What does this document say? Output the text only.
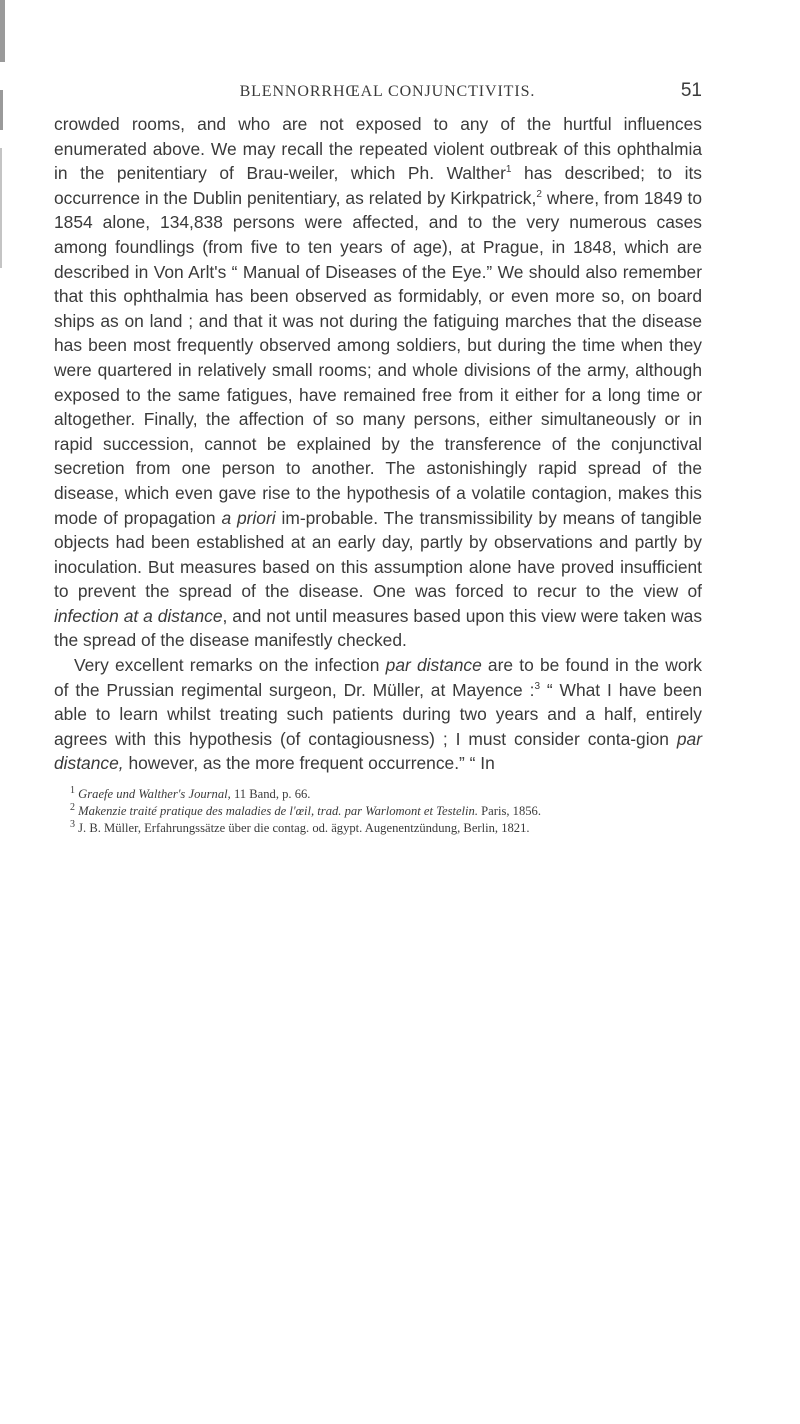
BLENNORRHŒAL CONJUNCTIVITIS.	51

crowded rooms, and who are not exposed to any of the hurtful influences enumerated above. We may recall the repeated violent outbreak of this ophthalmia in the penitentiary of Brau-weiler, which Ph. Walther$^1$ has described; to its occurrence in the Dublin penitentiary, as related by Kirkpatrick,$^2$ where, from 1849 to 1854 alone, 134,838 persons were affected, and to the very numerous cases among foundlings (from five to ten years of age), at Prague, in 1848, which are described in Von Arlt's “ Manual of Diseases of the Eye.” We should also remember that this ophthalmia has been observed as formidably, or even more so, on board ships as on land ; and that it was not during the fatiguing marches that the disease has been most frequently observed among soldiers, but during the time when they were quartered in relatively small rooms; and whole divisions of the army, although exposed to the same fatigues, have remained free from it either for a long time or altogether. Finally, the affection of so many persons, either simultaneously or in rapid succession, cannot be explained by the transference of the conjunctival secretion from one person to another. The astonishingly rapid spread of the disease, which even gave rise to the hypothesis of a volatile contagion, makes this mode of propagation a priori im-probable. The transmissibility by means of tangible objects had been established at an early day, partly by observations and partly by inoculation. But measures based on this assumption alone have proved insufficient to prevent the spread of the disease. One was forced to recur to the view of infection at a distance, and not until measures based upon this view were taken was the spread of the disease manifestly checked.

Very excellent remarks on the infection par distance are to be found in the work of the Prussian regimental surgeon, Dr. Müller, at Mayence :$^3$ “ What I have been able to learn whilst treating such patients during two years and a half, entirely agrees with this hypothesis (of contagiousness) ; I must consider conta-gion par distance, however, as the more frequent occurrence.” “ In

$^1$ Graefe und Walther's Journal, 11 Band, p. 66.

$^2$ Makenzie traité pratique des maladies de l'œil, trad. par Warlomont et Testelin. Paris, 1856.

$^3$ J. B. Müller, Erfahrungssätze über die contag. od. ägypt. Augenentzündung, Berlin, 1821.
